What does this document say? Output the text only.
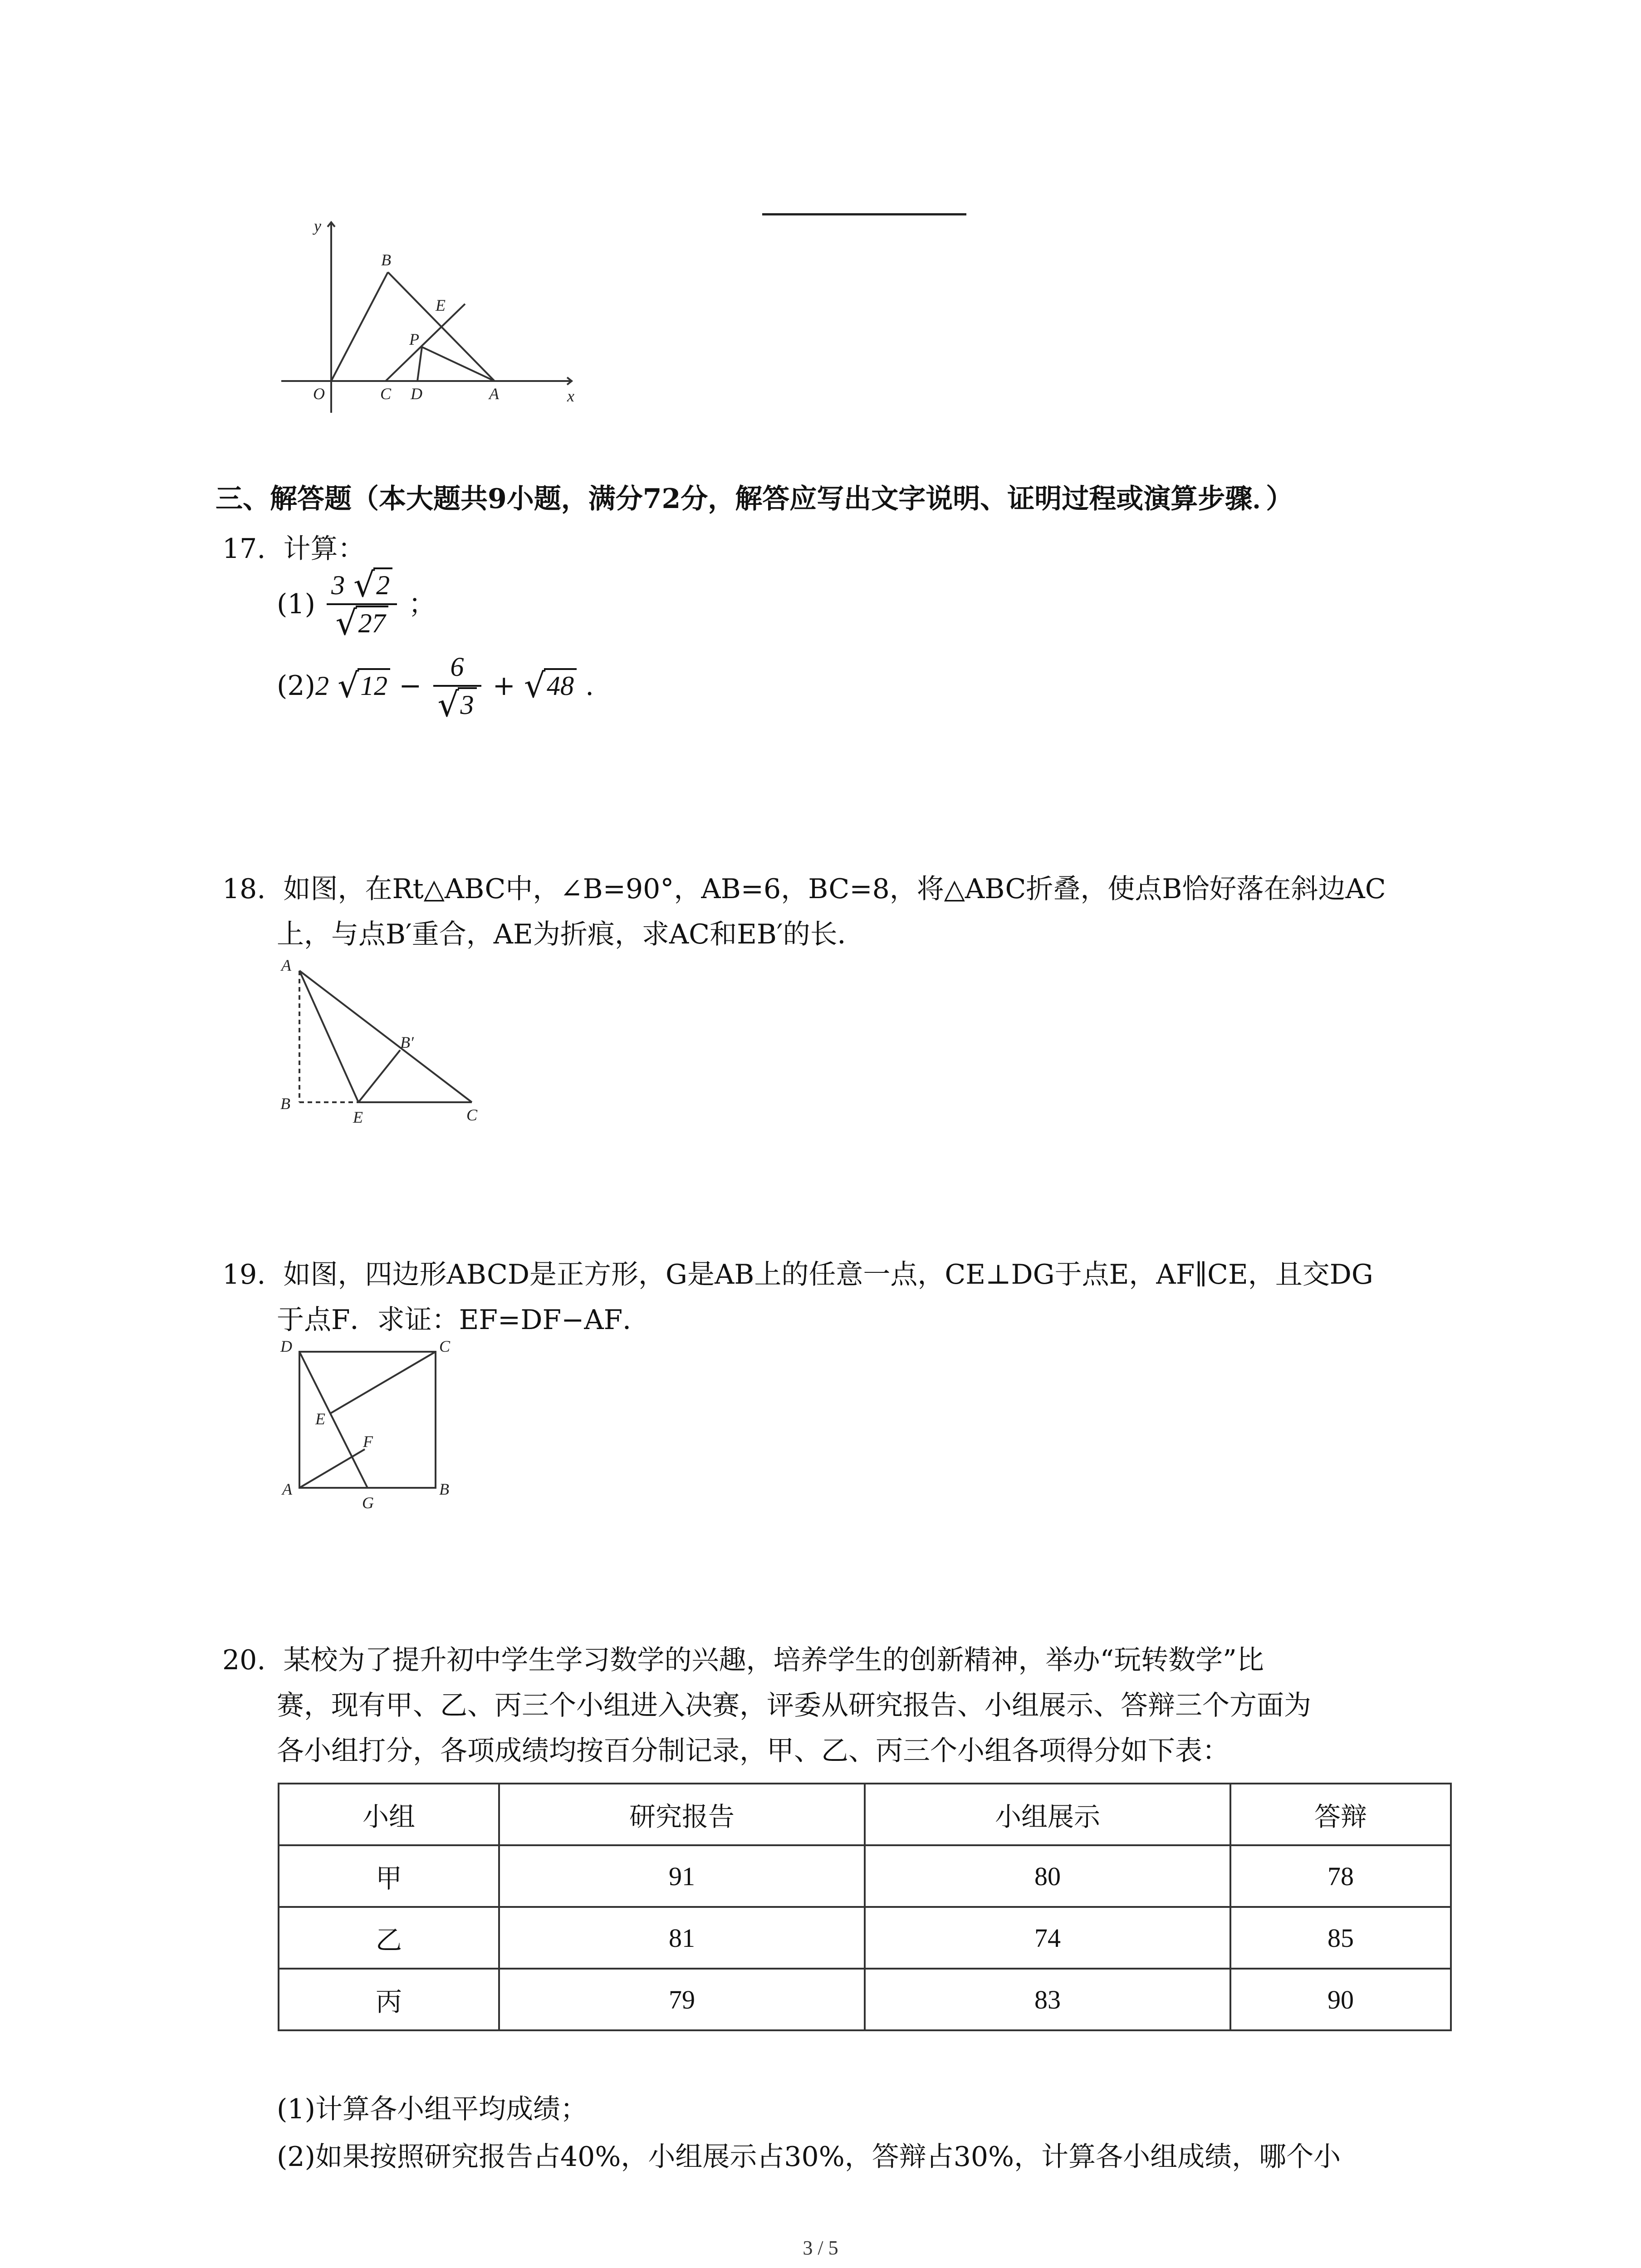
y
x
O
B
E
P
C D	A
三、解答题（本大题共9小题，满分72分，解答应写出文字说明、证明过程或演算步骤．）
17. 计算：
$(1) \frac{3 √ 2}{√ 27}$ ；
(2)2 √ $12 - \frac{6}{√ 3}$ + √ 48 .
18. 如图，在Rt△ABC中，∠B=90°，AB=6，BC=8，将△ABC折叠，使点B恰好落在斜边AC
上，与点B′重合，AE为折痕，求AC和EB′的长．
A
B
E	C
B′
19. 如图，四边形ABCD是正方形，G是AB上的任意一点，CE⊥DG于点E，AF∥CE，且交DG
于点F．求证：EF=DF−AF．
D	C
E
F
A
G
B
20. 某校为了提升初中学生学习数学的兴趣，培养学生的创新精神，举办“玩转数学”比
赛，现有甲、乙、丙三个小组进入决赛，评委从研究报告、小组展示、答辩三个方面为
各小组打分，各项成绩均按百分制记录，甲、乙、丙三个小组各项得分如下表：
小组	研究报告	小组展示	答辩
甲	91	80	78
乙	81	74	85
丙	79	83	90
(1)计算各小组平均成绩；
(2)如果按照研究报告占40%，小组展示占30%，答辩占30%，计算各小组成绩，哪个小
3 / 5
